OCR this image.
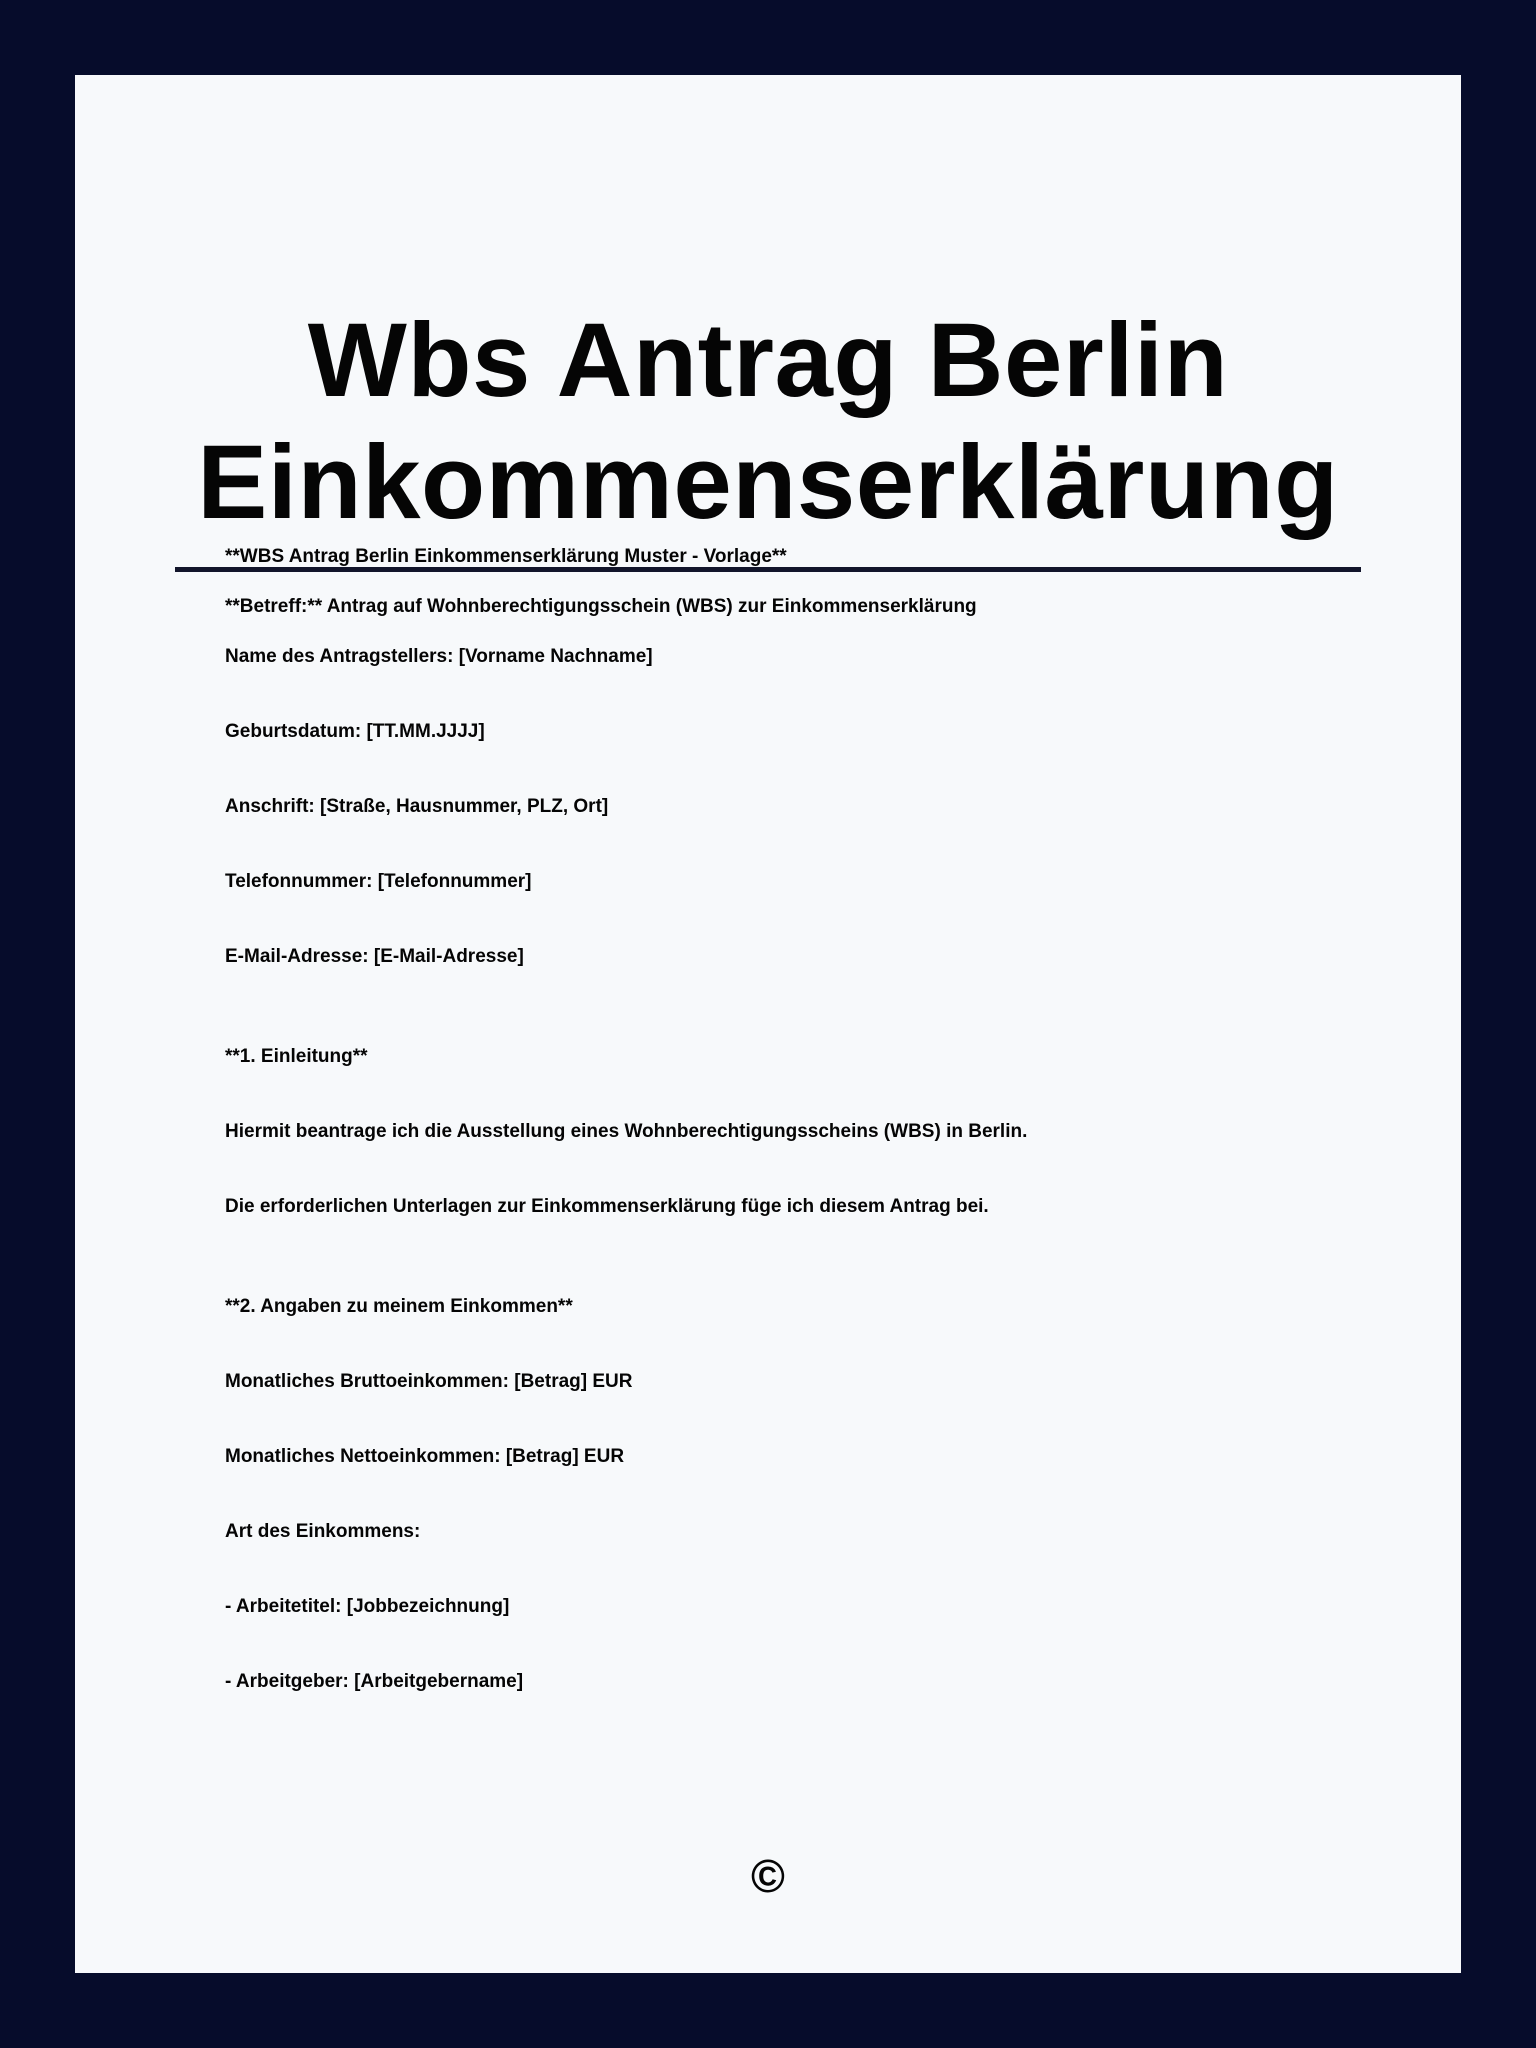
Wbs Antrag Berlin
Einkommenserklärung
**WBS Antrag Berlin Einkommenserklärung Muster - Vorlage**
**Betreff:** Antrag auf Wohnberechtigungsschein (WBS) zur Einkommenserklärung
Name des Antragstellers: [Vorname Nachname]
Geburtsdatum: [TT.MM.JJJJ]
Anschrift: [Straße, Hausnummer, PLZ, Ort]
Telefonnummer: [Telefonnummer]
E-Mail-Adresse: [E-Mail-Adresse]
**1. Einleitung**
Hiermit beantrage ich die Ausstellung eines Wohnberechtigungsscheins (WBS) in Berlin.
Die erforderlichen Unterlagen zur Einkommenserklärung füge ich diesem Antrag bei.
**2. Angaben zu meinem Einkommen**
Monatliches Bruttoeinkommen: [Betrag] EUR
Monatliches Nettoeinkommen: [Betrag] EUR
Art des Einkommens:
- Arbeitetitel: [Jobbezeichnung]
- Arbeitgeber: [Arbeitgebername]
©
